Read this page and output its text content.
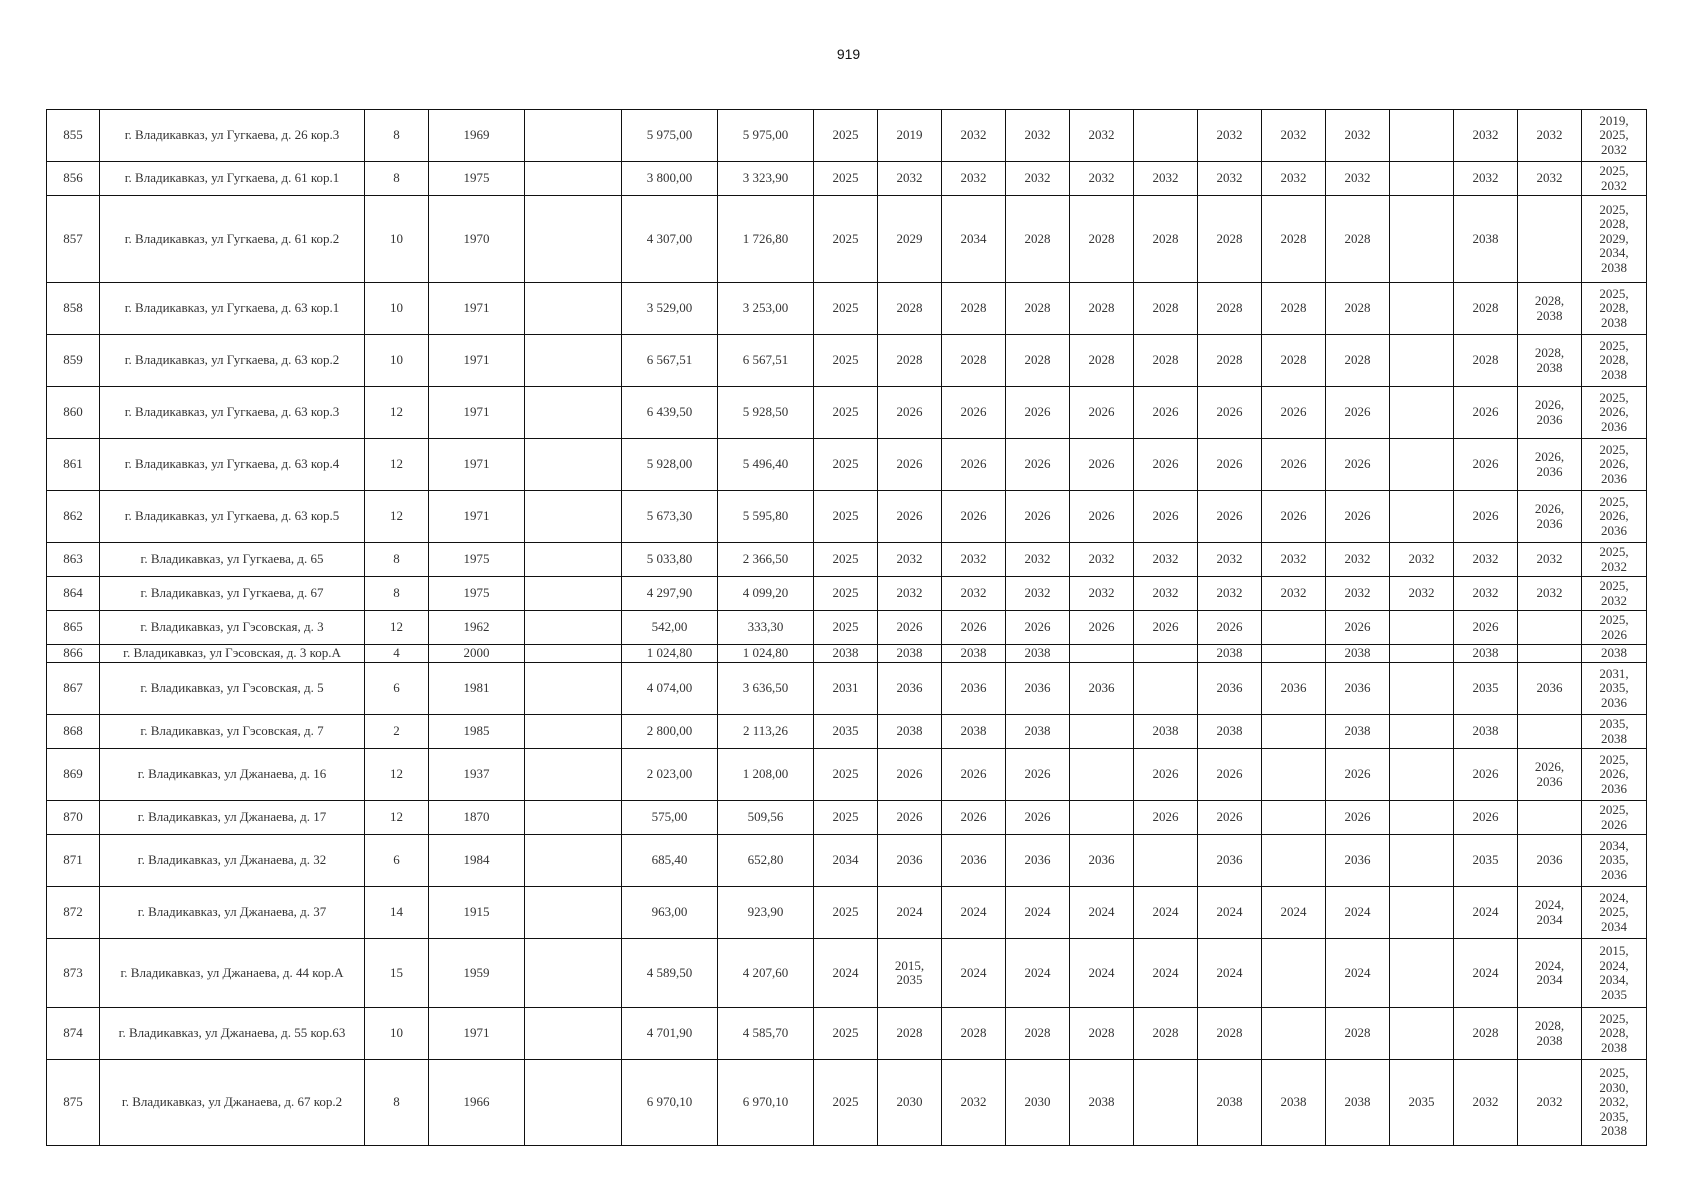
919
855	г. Владикавказ, ул Гугкаева, д. 26 кор.3	8	1969		5 975,00	5 975,00	2025	2019	2032	2032	2032		2032	2032	2032		2032	2032	2019,
2025,
2032
856	г. Владикавказ, ул Гугкаева, д. 61 кор.1	8	1975		3 800,00	3 323,90	2025	2032	2032	2032	2032	2032	2032	2032	2032		2032	2032	2025,
2032
857	г. Владикавказ, ул Гугкаева, д. 61 кор.2	10	1970		4 307,00	1 726,80	2025	2029	2034	2028	2028	2028	2028	2028	2028		2038		2025,
2028,
2029,
2034,
2038
858	г. Владикавказ, ул Гугкаева, д. 63 кор.1	10	1971		3 529,00	3 253,00	2025	2028	2028	2028	2028	2028	2028	2028	2028		2028	2028,
2038	2025,
2028,
2038
859	г. Владикавказ, ул Гугкаева, д. 63 кор.2	10	1971		6 567,51	6 567,51	2025	2028	2028	2028	2028	2028	2028	2028	2028		2028	2028,
2038	2025,
2028,
2038
860	г. Владикавказ, ул Гугкаева, д. 63 кор.3	12	1971		6 439,50	5 928,50	2025	2026	2026	2026	2026	2026	2026	2026	2026		2026	2026,
2036	2025,
2026,
2036
861	г. Владикавказ, ул Гугкаева, д. 63 кор.4	12	1971		5 928,00	5 496,40	2025	2026	2026	2026	2026	2026	2026	2026	2026		2026	2026,
2036	2025,
2026,
2036
862	г. Владикавказ, ул Гугкаева, д. 63 кор.5	12	1971		5 673,30	5 595,80	2025	2026	2026	2026	2026	2026	2026	2026	2026		2026	2026,
2036	2025,
2026,
2036
863	г. Владикавказ, ул Гугкаева, д. 65	8	1975		5 033,80	2 366,50	2025	2032	2032	2032	2032	2032	2032	2032	2032	2032	2032	2032	2025,
2032
864	г. Владикавказ, ул Гугкаева, д. 67	8	1975		4 297,90	4 099,20	2025	2032	2032	2032	2032	2032	2032	2032	2032	2032	2032	2032	2025,
2032
865	г. Владикавказ, ул Гэсовская, д. 3	12	1962		542,00	333,30	2025	2026	2026	2026	2026	2026	2026		2026		2026		2025,
2026
866	г. Владикавказ, ул Гэсовская, д. 3 кор.А	4	2000		1 024,80	1 024,80	2038	2038	2038	2038			2038		2038		2038		2038
867	г. Владикавказ, ул Гэсовская, д. 5	6	1981		4 074,00	3 636,50	2031	2036	2036	2036	2036		2036	2036	2036		2035	2036	2031,
2035,
2036
868	г. Владикавказ, ул Гэсовская, д. 7	2	1985		2 800,00	2 113,26	2035	2038	2038	2038		2038	2038		2038		2038		2035,
2038
869	г. Владикавказ, ул Джанаева, д. 16	12	1937		2 023,00	1 208,00	2025	2026	2026	2026		2026	2026		2026		2026	2026,
2036	2025,
2026,
2036
870	г. Владикавказ, ул Джанаева, д. 17	12	1870		575,00	509,56	2025	2026	2026	2026		2026	2026		2026		2026		2025,
2026
871	г. Владикавказ, ул Джанаева, д. 32	6	1984		685,40	652,80	2034	2036	2036	2036	2036		2036		2036		2035	2036	2034,
2035,
2036
872	г. Владикавказ, ул Джанаева, д. 37	14	1915		963,00	923,90	2025	2024	2024	2024	2024	2024	2024	2024	2024		2024	2024,
2034	2024,
2025,
2034
873	г. Владикавказ, ул Джанаева, д. 44 кор.А	15	1959		4 589,50	4 207,60	2024	2015,
2035	2024	2024	2024	2024	2024		2024		2024	2024,
2034	2015,
2024,
2034,
2035
874	г. Владикавказ, ул Джанаева, д. 55 кор.63	10	1971		4 701,90	4 585,70	2025	2028	2028	2028	2028	2028	2028		2028		2028	2028,
2038	2025,
2028,
2038
875	г. Владикавказ, ул Джанаева, д. 67 кор.2	8	1966		6 970,10	6 970,10	2025	2030	2032	2030	2038		2038	2038	2038	2035	2032	2032	2025,
2030,
2032,
2035,
2038
